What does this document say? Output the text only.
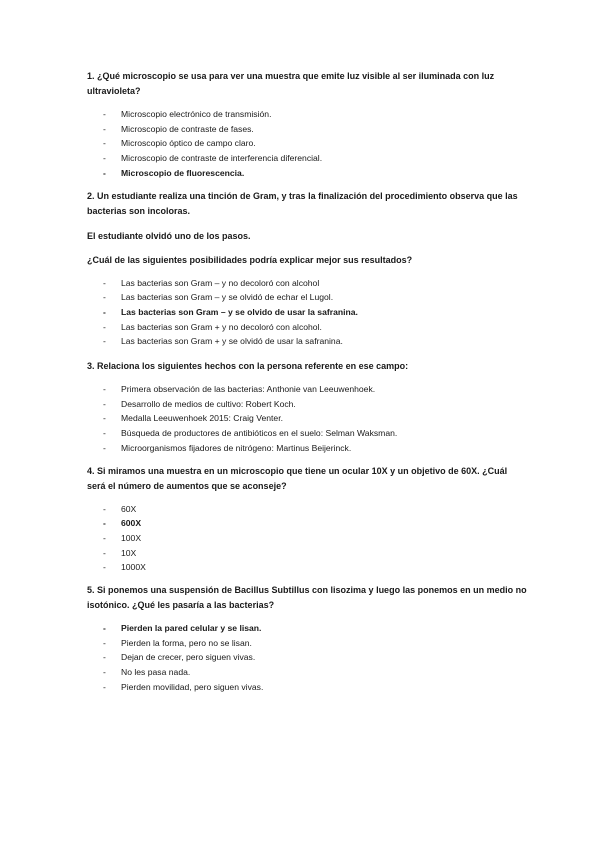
1. ¿Qué microscopio se usa para ver una muestra que emite luz visible al ser iluminada con luz ultravioleta?

- Microscopio electrónico de transmisión.
- Microscopio de contraste de fases.
- Microscopio óptico de campo claro.
- Microscopio de contraste de interferencia diferencial.
- Microscopio de fluorescencia.

2. Un estudiante realiza una tinción de Gram, y tras la finalización del procedimiento observa que las bacterias son incoloras.

El estudiante olvidó uno de los pasos.

¿Cuál de las siguientes posibilidades podría explicar mejor sus resultados?

- Las bacterias son Gram – y no decoloró con alcohol
- Las bacterias son Gram – y se olvidó de echar el Lugol.
- Las bacterias son Gram – y se olvido de usar la safranina.
- Las bacterias son Gram + y no decoloró con alcohol.
- Las bacterias son Gram + y se olvidó de usar la safranina.

3. Relaciona los siguientes hechos con la persona referente en ese campo:

- Primera observación de las bacterias: Anthonie van Leeuwenhoek.
- Desarrollo de medios de cultivo: Robert Koch.
- Medalla Leeuwenhoek 2015: Craig Venter.
- Búsqueda de productores de antibióticos en el suelo: Selman Waksman.
- Microorganismos fijadores de nitrógeno: Martinus Beijerinck.

4. Si miramos una muestra en un microscopio que tiene un ocular 10X y un objetivo de 60X. ¿Cuál será el número de aumentos que se aconseje?

- 60X
- 600X
- 100X
- 10X
- 1000X

5. Si ponemos una suspensión de Bacillus Subtillus con lisozima y luego las ponemos en un medio no isotónico. ¿Qué les pasaría a las bacterias?

- Pierden la pared celular y se lisan.
- Pierden la forma, pero no se lisan.
- Dejan de crecer, pero siguen vivas.
- No les pasa nada.
- Pierden movilidad, pero siguen vivas.
